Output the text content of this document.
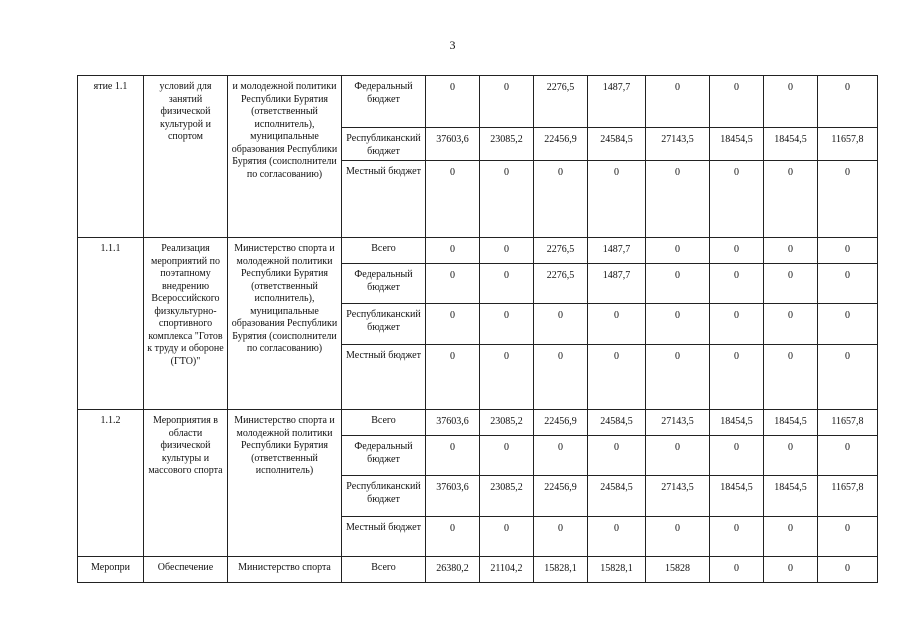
3
ятие 1.1	условий для занятий физической культурой и спортом	и молодежной политики Республики Бурятия (ответственный исполнитель), муниципальные образования Республики Бурятия (соисполнители по согласованию)	Федеральный бюджет	0	0	2276,5	1487,7	0	0	0	0
			Республиканский бюджет	37603,6	23085,2	22456,9	24584,5	27143,5	18454,5	18454,5	11657,8
			Местный бюджет	0	0	0	0	0	0	0	0
1.1.1	Реализация мероприятий по поэтапному внедрению Всероссийского физкультурно-спортивного комплекса "Готов к труду и обороне (ГТО)"	Министерство спорта и молодежной политики Республики Бурятия (ответственный исполнитель), муниципальные образования Республики Бурятия (соисполнители по согласованию)	Всего	0	0	2276,5	1487,7	0	0	0	0
			Федеральный бюджет	0	0	2276,5	1487,7	0	0	0	0
			Республиканский бюджет	0	0	0	0	0	0	0	0
			Местный бюджет	0	0	0	0	0	0	0	0
1.1.2	Мероприятия в области физической культуры и массового спорта	Министерство спорта и молодежной политики Республики Бурятия (ответственный исполнитель)	Всего	37603,6	23085,2	22456,9	24584,5	27143,5	18454,5	18454,5	11657,8
			Федеральный бюджет	0	0	0	0	0	0	0	0
			Республиканский бюджет	37603,6	23085,2	22456,9	24584,5	27143,5	18454,5	18454,5	11657,8
			Местный бюджет	0	0	0	0	0	0	0	0
Меропри	Обеспечение	Министерство спорта	Всего	26380,2	21104,2	15828,1	15828,1	15828	0	0	0
